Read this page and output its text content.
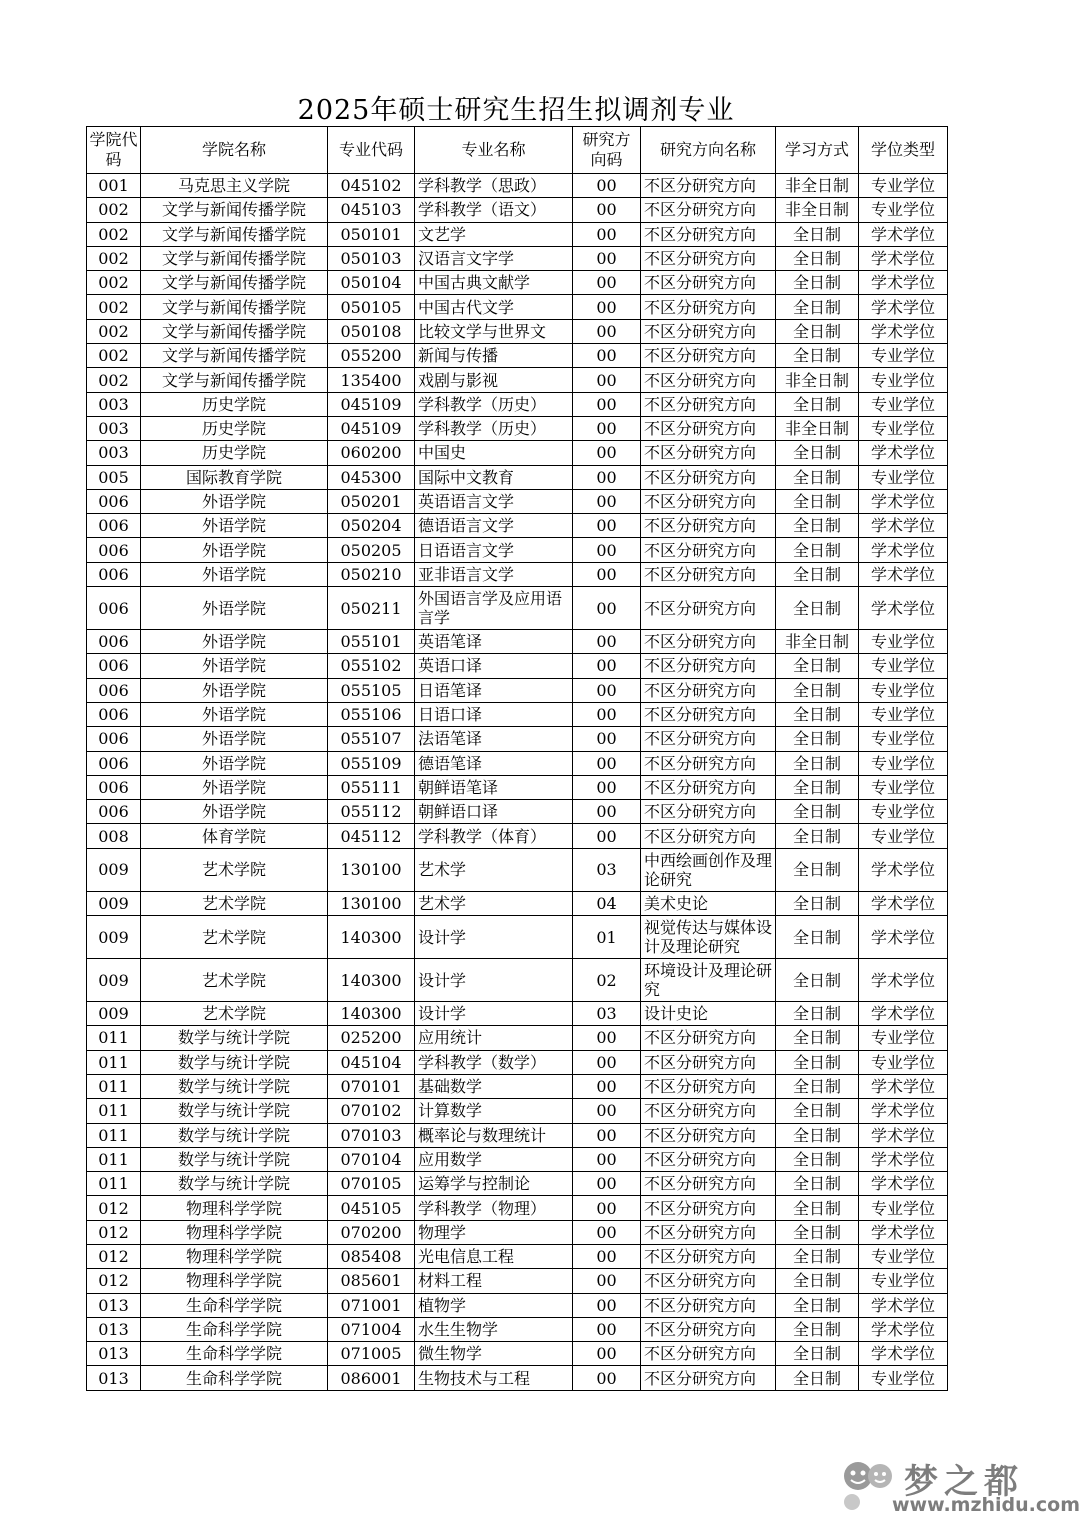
2025年硕士研究生招生拟调剂专业
学院代码	学院名称	专业代码	专业名称	研究方向码	研究方向名称	学习方式	学位类型
001	马克思主义学院	045102	学科教学（思政）	00	不区分研究方向	非全日制	专业学位
002	文学与新闻传播学院	045103	学科教学（语文）	00	不区分研究方向	非全日制	专业学位
002	文学与新闻传播学院	050101	文艺学	00	不区分研究方向	全日制	学术学位
002	文学与新闻传播学院	050103	汉语言文字学	00	不区分研究方向	全日制	学术学位
002	文学与新闻传播学院	050104	中国古典文献学	00	不区分研究方向	全日制	学术学位
002	文学与新闻传播学院	050105	中国古代文学	00	不区分研究方向	全日制	学术学位
002	文学与新闻传播学院	050108	比较文学与世界文	00	不区分研究方向	全日制	学术学位
002	文学与新闻传播学院	055200	新闻与传播	00	不区分研究方向	全日制	专业学位
002	文学与新闻传播学院	135400	戏剧与影视	00	不区分研究方向	非全日制	专业学位
003	历史学院	045109	学科教学（历史）	00	不区分研究方向	全日制	专业学位
003	历史学院	045109	学科教学（历史）	00	不区分研究方向	非全日制	专业学位
003	历史学院	060200	中国史	00	不区分研究方向	全日制	学术学位
005	国际教育学院	045300	国际中文教育	00	不区分研究方向	全日制	专业学位
006	外语学院	050201	英语语言文学	00	不区分研究方向	全日制	学术学位
006	外语学院	050204	德语语言文学	00	不区分研究方向	全日制	学术学位
006	外语学院	050205	日语语言文学	00	不区分研究方向	全日制	学术学位
006	外语学院	050210	亚非语言文学	00	不区分研究方向	全日制	学术学位
006	外语学院	050211	外国语言学及应用语言学	00	不区分研究方向	全日制	学术学位
006	外语学院	055101	英语笔译	00	不区分研究方向	非全日制	专业学位
006	外语学院	055102	英语口译	00	不区分研究方向	全日制	专业学位
006	外语学院	055105	日语笔译	00	不区分研究方向	全日制	专业学位
006	外语学院	055106	日语口译	00	不区分研究方向	全日制	专业学位
006	外语学院	055107	法语笔译	00	不区分研究方向	全日制	专业学位
006	外语学院	055109	德语笔译	00	不区分研究方向	全日制	专业学位
006	外语学院	055111	朝鲜语笔译	00	不区分研究方向	全日制	专业学位
006	外语学院	055112	朝鲜语口译	00	不区分研究方向	全日制	专业学位
008	体育学院	045112	学科教学（体育）	00	不区分研究方向	全日制	专业学位
009	艺术学院	130100	艺术学	03	中西绘画创作及理论研究	全日制	学术学位
009	艺术学院	130100	艺术学	04	美术史论	全日制	学术学位
009	艺术学院	140300	设计学	01	视觉传达与媒体设计及理论研究	全日制	学术学位
009	艺术学院	140300	设计学	02	环境设计及理论研究	全日制	学术学位
009	艺术学院	140300	设计学	03	设计史论	全日制	学术学位
011	数学与统计学院	025200	应用统计	00	不区分研究方向	全日制	专业学位
011	数学与统计学院	045104	学科教学（数学）	00	不区分研究方向	全日制	专业学位
011	数学与统计学院	070101	基础数学	00	不区分研究方向	全日制	学术学位
011	数学与统计学院	070102	计算数学	00	不区分研究方向	全日制	学术学位
011	数学与统计学院	070103	概率论与数理统计	00	不区分研究方向	全日制	学术学位
011	数学与统计学院	070104	应用数学	00	不区分研究方向	全日制	学术学位
011	数学与统计学院	070105	运筹学与控制论	00	不区分研究方向	全日制	学术学位
012	物理科学学院	045105	学科教学（物理）	00	不区分研究方向	全日制	专业学位
012	物理科学学院	070200	物理学	00	不区分研究方向	全日制	学术学位
012	物理科学学院	085408	光电信息工程	00	不区分研究方向	全日制	专业学位
012	物理科学学院	085601	材料工程	00	不区分研究方向	全日制	专业学位
013	生命科学学院	071001	植物学	00	不区分研究方向	全日制	学术学位
013	生命科学学院	071004	水生生物学	00	不区分研究方向	全日制	学术学位
013	生命科学学院	071005	微生物学	00	不区分研究方向	全日制	学术学位
013	生命科学学院	086001	生物技术与工程	00	不区分研究方向	全日制	专业学位
梦之都
www.mzhidu.com
